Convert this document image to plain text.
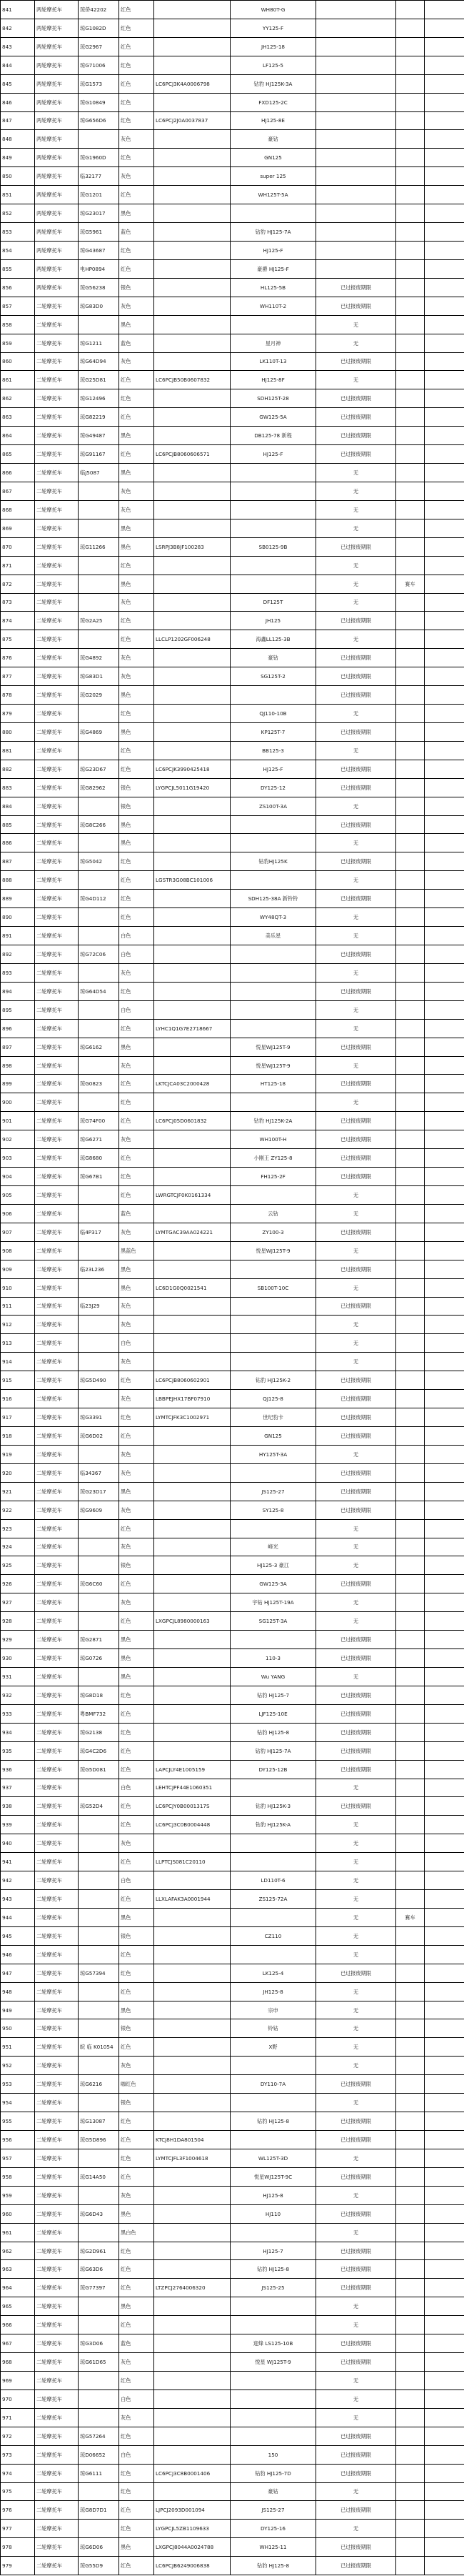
841	两轮摩托车	琼侨42202	红色		WH80T-G			
842	两轮摩托车	琼G1082D	红色		YY125-F			
843	两轮摩托车	琼G2967	红色		JH125-18			
844	两轮摩托车	琼G71006	红色		LF125-5			
845	两轮摩托车	琼G1573	红色	LC6PCJ3K4A0006798	钻豹 HJ125K-3A			
846	两轮摩托车	琼G10849	红色		FXD125-2C			
847	两轮摩托车	琼G656D6	红色	LC6PCJ2J0A0037837	HJ125-8E			
848	两轮摩托车		灰色		豪钻			
849	两轮摩托车	琼G1960D	红色		GN125			
850	两轮摩托车	临32177	灰色		super 125			
851	两轮摩托车	琼G1201	红色		WH125T-5A			
852	两轮摩托车	琼G23017	黑色					
853	两轮摩托车	琼G5961	蓝色		钻豹 HJ125-7A			
854	两轮摩托车	琼G43687	红色		HJ125-F			
855	两轮摩托车	电HP0894	红色		豪爵 HJ125-F			
856	两轮摩托车	琼G56238	银色		HL125-5B	已过报废期限		
857	二轮摩托车	琼G83D0	灰色		WH110T-2	已过报废期限		
858	二轮摩托车		黑色			无		
859	二轮摩托车	琼G1211	蓝色		星月神	无		
860	二轮摩托车	琼G64D94	灰色		LK110T-13	已过报废期限		
861	二轮摩托车	琼G25D81	红色	LC6PCJB50B0607832	HJ125-8F	无		
862	二轮摩托车	琼G12496	红色		SDH125T-28	已过报废期限		
863	二轮摩托车	琼G82219	红色		GW125-5A	已过报废期限		
864	二轮摩托车	琼G49487	黑色		DB125-78 新程	已过报废期限		
865	二轮摩托车	琼G91167	红色	LC6PCJB8060606571	HJ125-F	已过报废期限		
866	二轮摩托车	临J5087	黑色			无		
867	二轮摩托车		灰色			无		
868	二轮摩托车		灰色			无		
869	二轮摩托车		黑色			无		
870	二轮摩托车	琼G11266	黑色	LSRPJ3B8JF100283	SB0125-9B	已过报废期限		
871	二轮摩托车		红色			无		
872	二轮摩托车		黑色			无	赛车	
873	二轮摩托车		灰色		DF125T	无		
874	二轮摩托车	琼G2A25	红色		JH125	已过报废期限		
875	二轮摩托车		红色	LLCLP1202GF006248	海鑫LL125-3B	无		
876	二轮摩托车	琼G4892	灰色		豪钻	已过报废期限		
877	二轮摩托车	琼G83D1	灰色		SG125T-2	已过报废期限		
878	二轮摩托车	琼G2029	黑色			已过报废期限		
879	二轮摩托车		红色		QJ110-10B	无		
880	二轮摩托车	琼G4869	黑色		KP125T-7	已过报废期限		
881	二轮摩托车		红色		BB125-3	无		
882	二轮摩托车	琼G23D67	红色	LC6PCJK3990425418	HJ125-F	已过报废期限		
883	二轮摩托车	琼G82962	银色	LYGPCJL5011G19420	DY125-12	已过报废期限		
884	二轮摩托车		银色		ZS100T-3A	无		
885	二轮摩托车	琼G8C266	黑色			已过报废期限		
886	二轮摩托车		黑色			无		
887	二轮摩托车	琼G5042	红色		钻豹HJ125K	已过报废期限		
888	二轮摩托车		红色	LGSTR3G08BC101006		无		
889	二轮摩托车	琼G4D112	红色		SDH125-38A 新铃铃	已过报废期限		
890	二轮摩托车		红色		WY48QT-3	无		
891	二轮摩托车		白色		美乐星	无		
892	二轮摩托车	琼G72C06	白色			已过报废期限		
893	二轮摩托车		灰色			无		
894	二轮摩托车	琼G64D54	红色			已过报废期限		
895	二轮摩托车		白色			无		
896	二轮摩托车		红色	LYHC1Q1G7E2718667		无		
897	二轮摩托车	琼G6162	黑色		悦星WJ125T-9	已过报废期限		
898	二轮摩托车		灰色		悦星WJ125T-9	无		
899	二轮摩托车	琼G0823	红色	LKTCJCA03C2000428	HT125-18	已过报废期限		
900	二轮摩托车		红色			无		
901	二轮摩托车	琼G74F00	红色	LC6PCJ05D0601832	钻豹 HJ125K-2A	已过报废期限		
902	二轮摩托车	琼G6271	灰色		WH100T-H	已过报废期限		
903	二轮摩托车	琼G8680	红色		小刚王 ZY125-8	已过报废期限		
904	二轮摩托车	琼G67B1	红色		FH125-2F	已过报废期限		
905	二轮摩托车		红色	LWRGTCJF0K0161334		无		
906	二轮摩托车		蓝色		云钻	无		
907	二轮摩托车	临4P317	灰色	LYMTGAC39AA024221	ZY100-3	已过报废期限		
908	二轮摩托车		黑蓝色		悦星WJ125T-9	无		
909	二轮摩托车	临23L236	黑色			已过报废期限		
910	二轮摩托车		黑色	LC6D1G0Q0021541	SB100T-10C	无		
911	二轮摩托车	临23J29	灰色			已过报废期限		
912	二轮摩托车		灰色			无		
913	二轮摩托车		白色			无		
914	二轮摩托车		灰色			无		
915	二轮摩托车	琼G5D490	红色	LC6PCJB8060602901	钻豹 HJ125K-2	已过报废期限		
916	二轮摩托车		灰色	LBBPEJHX17BF07910	QJ125-8	已过报废期限		
917	二轮摩托车	琼G3391	红色	LYMTCJFK3C1002971	世纪豹卡	已过报废期限		
918	二轮摩托车	琼G6D02	红色		GN125	已过报废期限		
919	二轮摩托车		灰色		HY125T-3A	无		
920	二轮摩托车	临34367	灰色			已过报废期限		
921	二轮摩托车	琼G23D17	黑色		JS125-27	已过报废期限		
922	二轮摩托车	琼G9609	灰色		SY125-8	已过报废期限		
923	二轮摩托车		红色			无		
924	二轮摩托车		灰色		峰光	无		
925	二轮摩托车		银色		HJ125-3 豪江	无		
926	二轮摩托车	琼G6C60	红色		GW125-3A	已过报废期限		
927	二轮摩托车		灰色		宇钻 HJ125T-19A	无		
928	二轮摩托车		红色	LXGPCJL8980000163	SG125T-3A	无		
929	二轮摩托车	琼G2871	黑色			已过报废期限		
930	二轮摩托车	琼G0726	黑色		110-3	已过报废期限		
931	二轮摩托车		黑色		Wu YANG	无		
932	二轮摩托车	琼G8D18	红色		钻豹 HJ125-7	已过报废期限		
933	二轮摩托车	粤BMF732	红色		LJF125-10E	已过报废期限		
934	二轮摩托车	琼G2138	红色		钻豹 HJ125-8	已过报废期限		
935	二轮摩托车	琼G4C2D6	红色		钻豹 HJ125-7A	已过报废期限		
936	二轮摩托车	琼G5D081	红色	LAPCJLY4E1005159	DY125-12B	已过报废期限		
937	二轮摩托车		白色	LEHTCJPF44E1060351		无		
938	二轮摩托车	琼G52D4	红色	LC6PCJY0B0001317S	钻豹 HJ125K-3	已过报废期限		
939	二轮摩托车		红色	LC6PCJ3C0B0004448	钻豹 HJ125K-A	无		
940	二轮摩托车		灰色			无		
941	二轮摩托车		红色	LLPTCJS081C20110		无		
942	二轮摩托车		白色		LD110T-6	无		
943	二轮摩托车		红色	LLXLAFAK3A0001944	ZS125-72A	无		
944	二轮摩托车		黑色			无	赛车	
945	二轮摩托车		银色		CZ110	无		
946	二轮摩托车		红色			无		
947	二轮摩托车	琼G57394	红色		LK125-4	已过报废期限		
948	二轮摩托车		红色		JH125-8	无		
949	二轮摩托车		黑色		宗申	无		
950	二轮摩托车		银色		铃钻	无		
951	二轮摩托车	皖 临 K01054	红色		X野	无		
952	二轮摩托车		灰色			无		
953	二轮摩托车	琼G6216	咖红色		DY110-7A	已过报废期限		
954	二轮摩托车		银色			无		
955	二轮摩托车	琼G13087	红色		钻豹 HJ125-8	已过报废期限		
956	二轮摩托车	琼G5D896	红色	KTCJ8H1DA801504		已过报废期限		
957	二轮摩托车		红色	LYMTCJFL3F1004618	WL125T-3D	无		
958	二轮摩托车	琼G14A50	红色		悦星WJ125T-9C	已过报废期限		
959	二轮摩托车		灰色		HJ125-8	无		
960	二轮摩托车	琼G6D43	黑色		HJ110	已过报废期限		
961	二轮摩托车		黑白色			无		
962	二轮摩托车	琼G2D961	红色		HJ125-7	已过报废期限		
963	二轮摩托车	琼G63D6	红色		钻豹 HJ125-8	已过报废期限		
964	二轮摩托车	琼G77397	红色	LTZPCJ2764006320	JS125-25	已过报废期限		
965	二轮摩托车		黑色			无		
966	二轮摩托车		红色			无		
967	二轮摩托车	琼G3D06	蓝色		迎烽 LS125-10B	已过报废期限		
968	二轮摩托车	琼G61D65	灰色		悦星 WJ125T-9	已过报废期限		
969	二轮摩托车		红色			无		
970	二轮摩托车		白色			无		
971	二轮摩托车		灰色			无		
972	二轮摩托车	琼G57264	红色			已过报废期限		
973	二轮摩托车	琼D06652	白色		150	已过报废期限		
974	二轮摩托车	琼G6111	红色	LC6PCJ3C8B0001406	钻豹 HJ125-7D	已过报废期限		
975	二轮摩托车		红色		豪钻	无		
976	二轮摩托车	琼G8D7D1	红色	LJPCJ2093D001094	JS125-27	已过报废期限		
977	二轮摩托车		红色	LYGPCJL5ZB1109633	DY125-16	无		
978	二轮摩托车	琼G6D06	黑色	LXGPCJ8044A0024788	WH125-11	已过报废期限		
979	二轮摩托车	琼G55D9	红色	LC6PCJB6249006838	钻豹 HJ125-8	已过报废期限		
